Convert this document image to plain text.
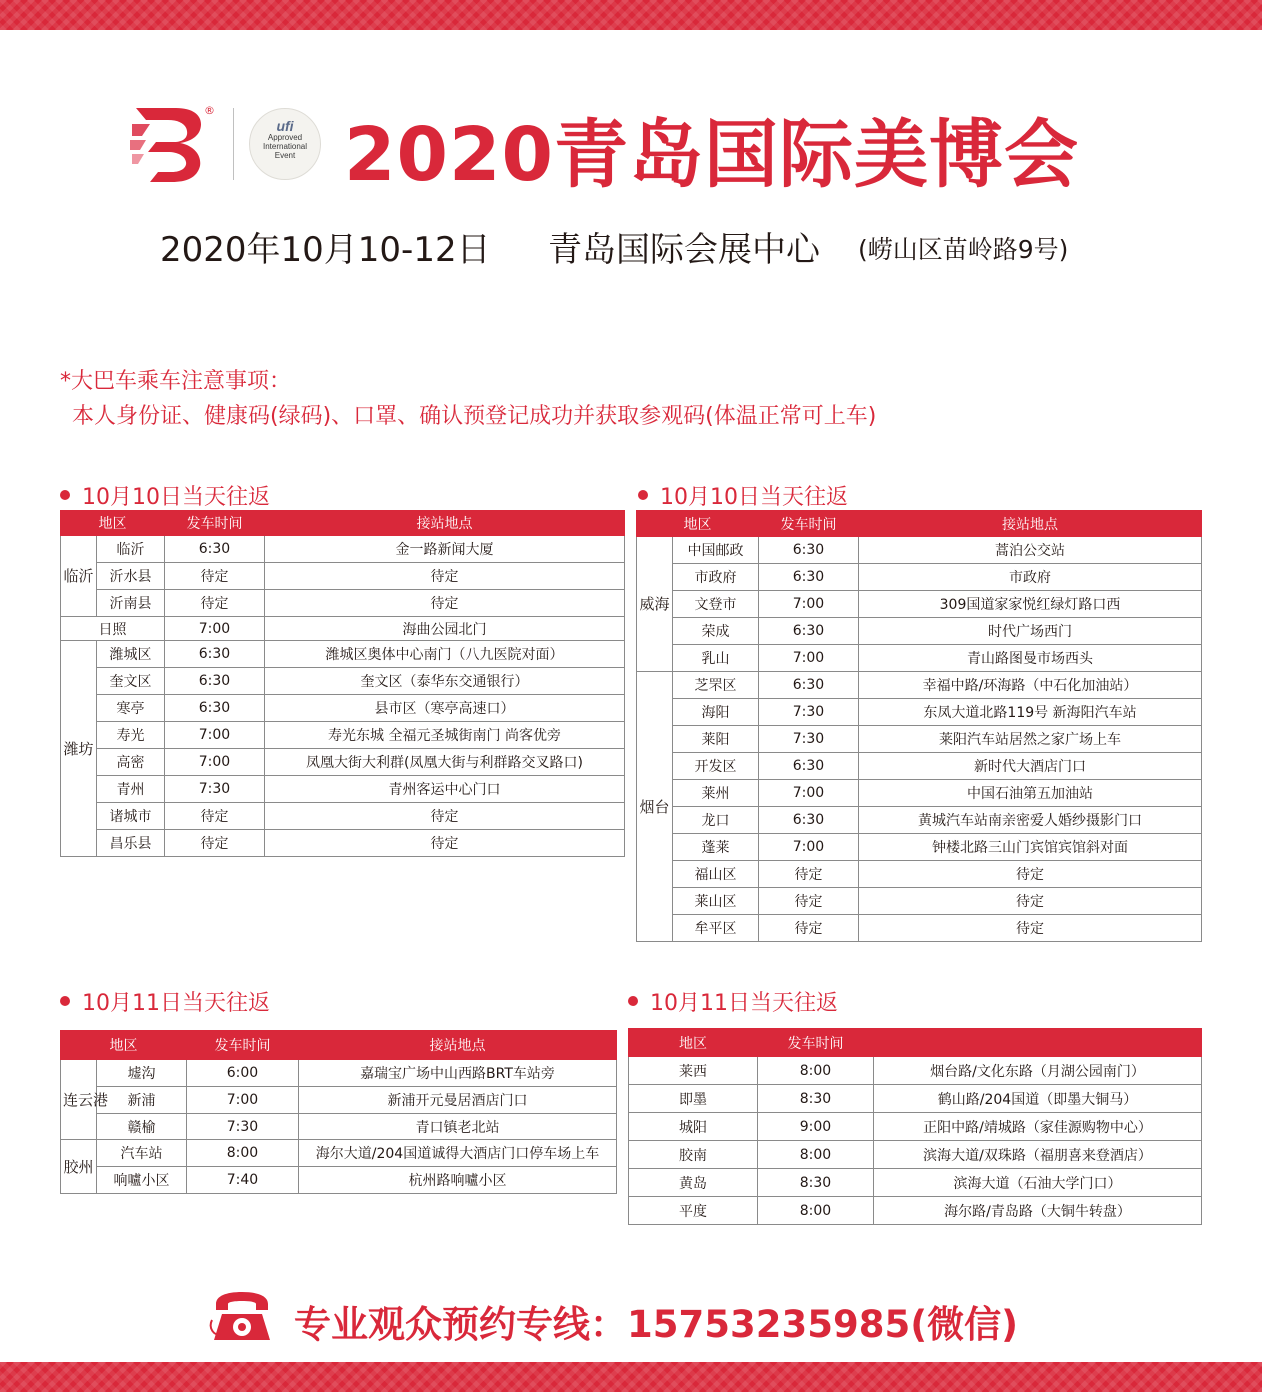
®
ufi
Approved
International
Event 2020青岛国际美博会
2020年10月10-12日 青岛国际会展中心 (崂山区苗岭路9号)
*大巴车乘车注意事项：
本人身份证、健康码(绿码)、口罩、确认预登记成功并获取参观码(体温正常可上车)
10月10日当天往返	10月10日当天往返
10月11日当天往返	10月11日当天往返
地区		发车时间	接站地点
临沂	临沂	6:30	金一路新闻大厦
	沂水县	待定	待定
	沂南县	待定	待定
日照		7:00	海曲公园北门
潍坊	潍城区	6:30	潍城区奥体中心南门（八九医院对面）
	奎文区	6:30	奎文区（泰华东交通银行）
	寒亭	6:30	县市区（寒亭高速口）
	寿光	7:00	寿光东城 全福元圣城街南门 尚客优旁
	高密	7:00	凤凰大街大利群(凤凰大街与利群路交叉路口)
	青州	7:30	青州客运中心门口
	诸城市	待定	待定
	昌乐县	待定	待定
地区		发车时间	接站地点
威海	中国邮政	6:30	蒿泊公交站
	市政府	6:30	市政府
	文登市	7:00	309国道家家悦红绿灯路口西
	荣成	6:30	时代广场西门
	乳山	7:00	青山路图曼市场西头
烟台	芝罘区	6:30	幸福中路/环海路（中石化加油站）
	海阳	7:30	东凤大道北路119号 新海阳汽车站
	莱阳	7:30	莱阳汽车站居然之家广场上车
	开发区	6:30	新时代大酒店门口
	莱州	7:00	中国石油第五加油站
	龙口	6:30	黄城汽车站南亲密爱人婚纱摄影门口
	蓬莱	7:00	钟楼北路三山门宾馆宾馆斜对面
	福山区	待定	待定
	莱山区	待定	待定
	牟平区	待定	待定
地区		发车时间	接站地点
连云港	墟沟	6:00	嘉瑞宝广场中山西路BRT车站旁
	新浦	7:00	新浦开元曼居酒店门口
	赣榆	7:30	青口镇老北站
胶州	汽车站	8:00	海尔大道/204国道诚得大酒店门口停车场上车
	响嚧小区	7:40	杭州路响嚧小区
地区	发车时间	
莱西	8:00	烟台路/文化东路（月湖公园南门）
即墨	8:30	鹤山路/204国道（即墨大铜马）
城阳	9:00	正阳中路/靖城路（家佳源购物中心）
胶南	8:00	滨海大道/双珠路（福朋喜来登酒店）
黄岛	8:30	滨海大道（石油大学门口）
平度	8:00	海尔路/青岛路（大铜牛转盘）
专业观众预约专线：15753235985(微信)
